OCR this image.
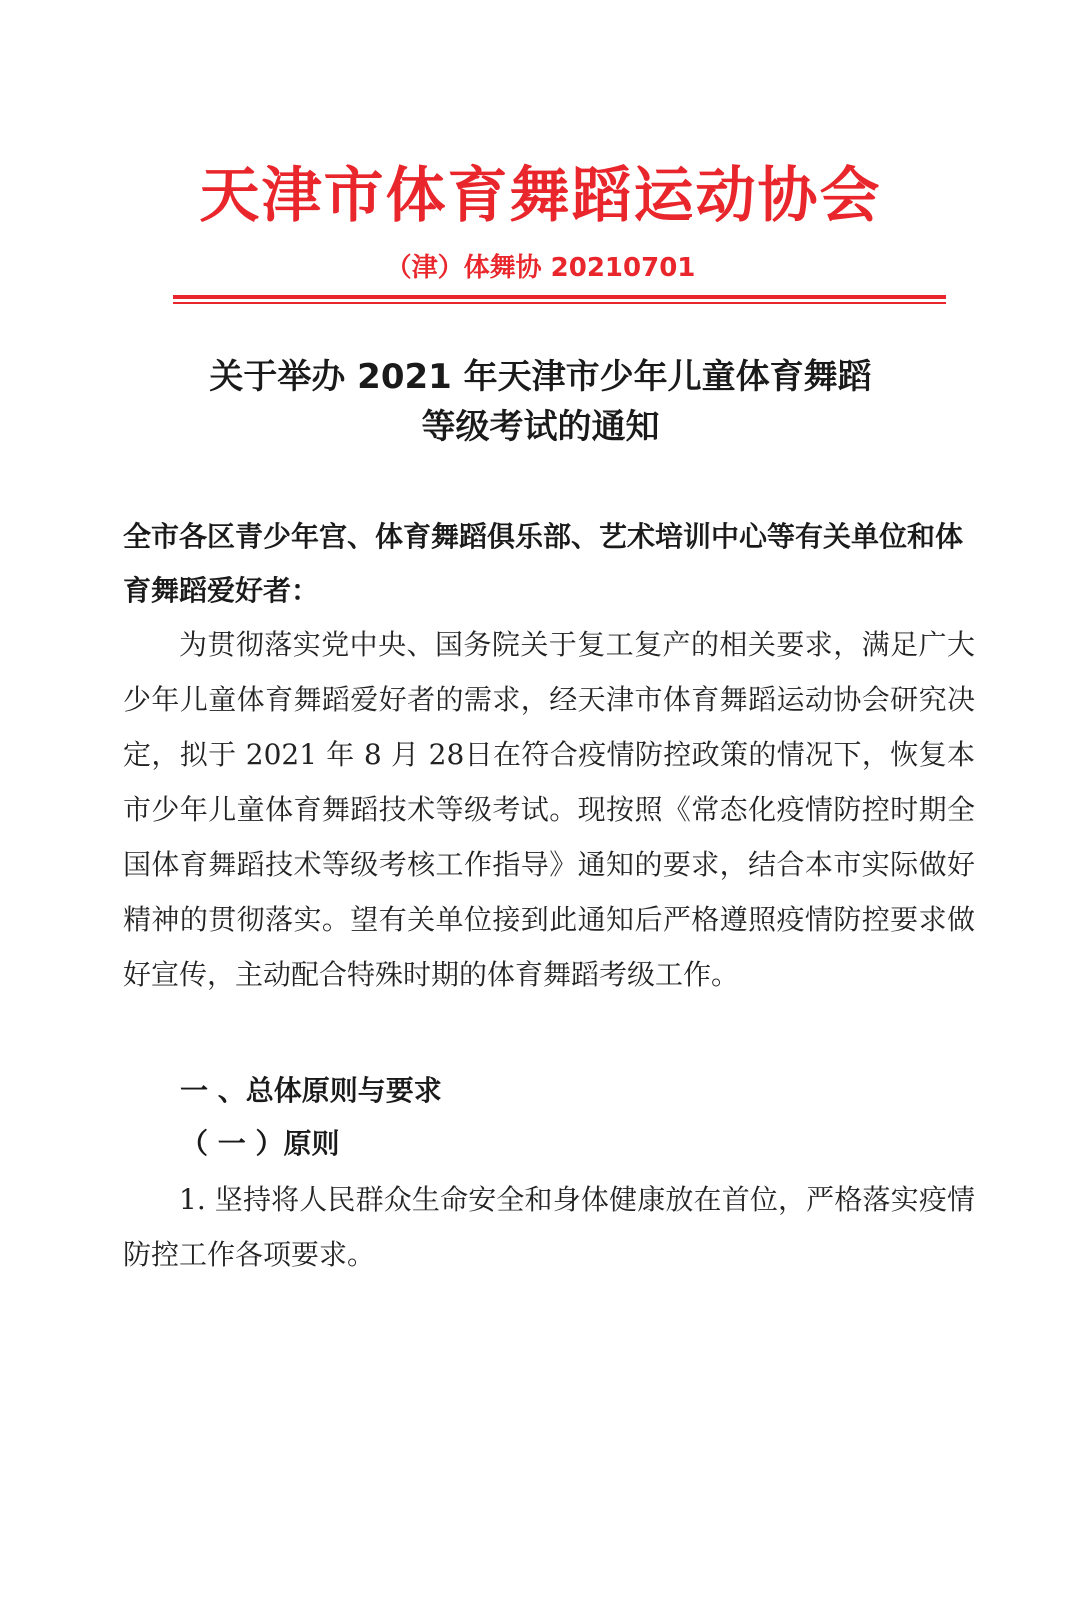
天津市体育舞蹈运动协会
（津）体舞协 20210701
关于举办 2021 年天津市少年儿童体育舞蹈
等级考试的通知

全市各区青少年宫、体育舞蹈俱乐部、艺术培训中心等有关单位和体育舞蹈爱好者：

为贯彻落实党中央、国务院关于复工复产的相关要求，满足广大少年儿童体育舞蹈爱好者的需求，经天津市体育舞蹈运动协会研究决定，拟于 2021 年 8 月 28日在符合疫情防控政策的情况下，恢复本市少年儿童体育舞蹈技术等级考试。现按照《常态化疫情防控时期全国体育舞蹈技术等级考核工作指导》通知的要求，结合本市实际做好精神的贯彻落实。望有关单位接到此通知后严格遵照疫情防控要求做好宣传，主动配合特殊时期的体育舞蹈考级工作。

一 、总体原则与要求
（ 一 ）原则

1. 坚持将人民群众生命安全和身体健康放在首位，严格落实疫情防控工作各项要求。
